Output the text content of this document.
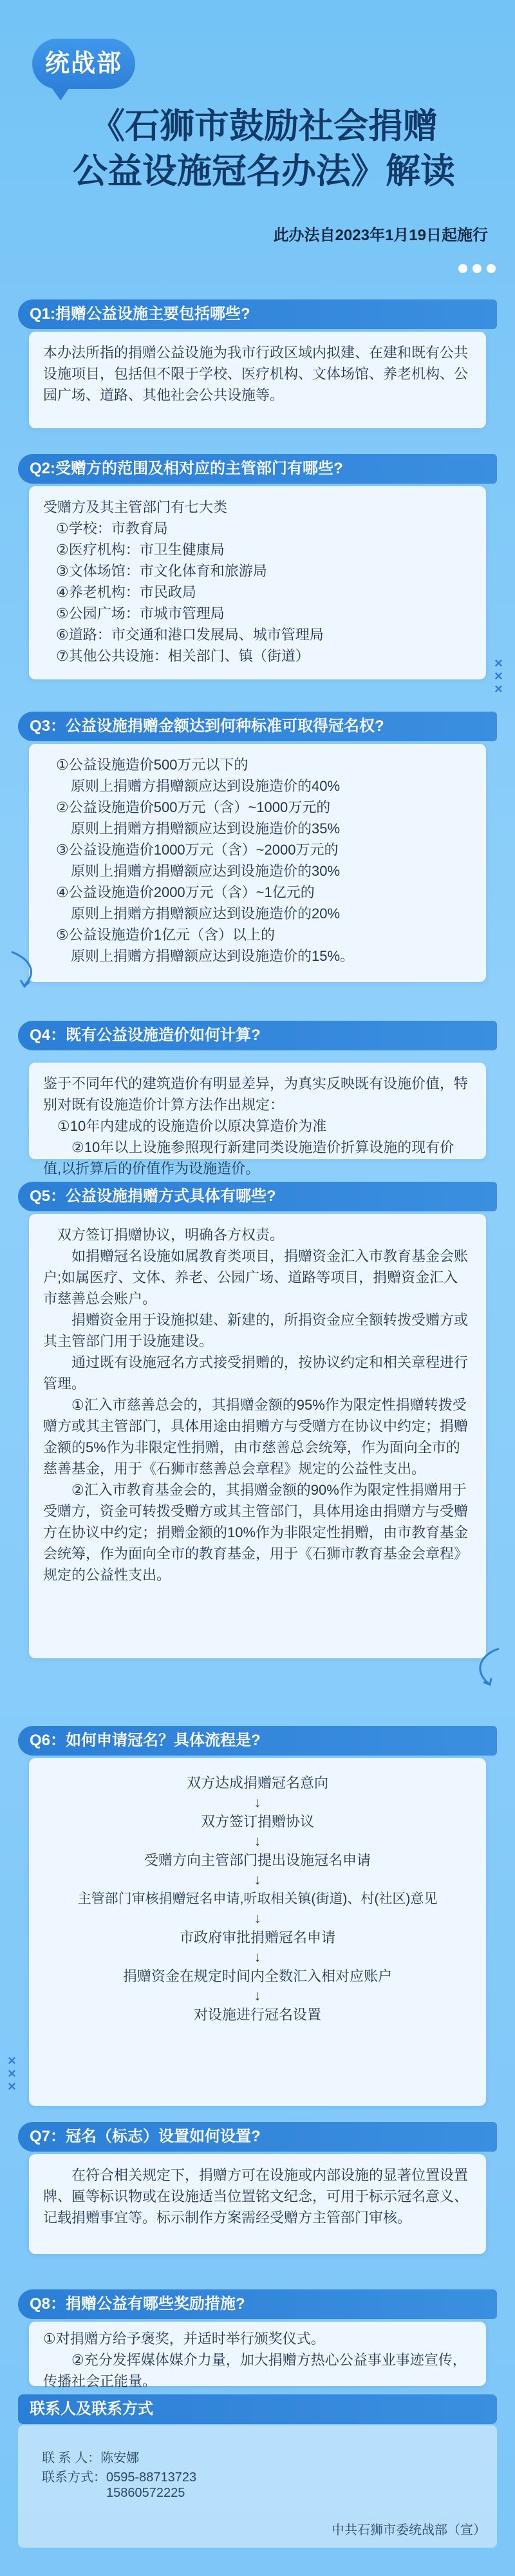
统战部
《石狮市鼓励社会捐赠
公益设施冠名办法》解读
此办法自2023年1月19日起施行
Q1:捐赠公益设施主要包括哪些?

本办法所指的捐赠公益设施为我市行政区域内拟建、在建和既有公共设施项目，包括但不限于学校、医疗机构、文体场馆、养老机构、公园广场、道路、其他社会公共设施等。

Q2:受赠方的范围及相对应的主管部门有哪些?

受赠方及其主管部门有七大类

①学校：市教育局

②医疗机构：市卫生健康局

③文体场馆：市文化体育和旅游局

④养老机构：市民政局

⑤公园广场：市城市管理局

⑥道路：市交通和港口发展局、城市管理局

⑦其他公共设施：相关部门、镇（街道）	×
×
×
Q3：公益设施捐赠金额达到何种标准可取得冠名权?

①公益设施造价500万元以下的

原则上捐赠方捐赠额应达到设施造价的40%

②公益设施造价500万元（含）~1000万元的

原则上捐赠方捐赠额应达到设施造价的35%

③公益设施造价1000万元（含）~2000万元的

原则上捐赠方捐赠额应达到设施造价的30%

④公益设施造价2000万元（含）~1亿元的

原则上捐赠方捐赠额应达到设施造价的20%

⑤公益设施造价1亿元（含）以上的

原则上捐赠方捐赠额应达到设施造价的15%。

Q4：既有公益设施造价如何计算?

鉴于不同年代的建筑造价有明显差异，为真实反映既有设施价值，特别对既有设施造价计算方法作出规定：

①10年内建成的设施造价以原决算造价为准

②10年以上设施参照现行新建同类设施造价折算设施的现有价值,以折算后的价值作为设施造价。

Q5：公益设施捐赠方式具体有哪些?

双方签订捐赠协议，明确各方权责。

如捐赠冠名设施如属教育类项目，捐赠资金汇入市教育基金会账户;如属医疗、文体、养老、公园广场、道路等项目，捐赠资金汇入市慈善总会账户。

捐赠资金用于设施拟建、新建的，所捐资金应全额转拨受赠方或其主管部门用于设施建设。

通过既有设施冠名方式接受捐赠的，按协议约定和相关章程进行管理。

①汇入市慈善总会的，其捐赠金额的95%作为限定性捐赠转拨受赠方或其主管部门，具体用途由捐赠方与受赠方在协议中约定；捐赠金额的5%作为非限定性捐赠，由市慈善总会统筹，作为面向全市的慈善基金，用于《石狮市慈善总会章程》规定的公益性支出。

②汇入市教育基金会的，其捐赠金额的90%作为限定性捐赠用于受赠方，资金可转拨受赠方或其主管部门，具体用途由捐赠方与受赠方在协议中约定；捐赠金额的10%作为非限定性捐赠，由市教育基金会统筹，作为面向全市的教育基金，用于《石狮市教育基金会章程》规定的公益性支出。

Q6：如何申请冠名？具体流程是?

双方达成捐赠冠名意向

↓

双方签订捐赠协议

↓

受赠方向主管部门提出设施冠名申请

↓

主管部门审核捐赠冠名申请,听取相关镇(街道)、村(社区)意见

↓

市政府审批捐赠冠名申请

↓

捐赠资金在规定时间内全数汇入相对应账户

↓

对设施进行冠名设置

×
×
×
Q7：冠名（标志）设置如何设置?

在符合相关规定下，捐赠方可在设施或内部设施的显著位置设置牌、匾等标识物或在设施适当位置铭文纪念，可用于标示冠名意义、记载捐赠事宜等。标示制作方案需经受赠方主管部门审核。

Q8：捐赠公益有哪些奖励措施?

①对捐赠方给予褒奖，并适时举行颁奖仪式。

②充分发挥媒体媒介力量，加大捐赠方热心公益事业事迹宣传，传播社会正能量。

联系人及联系方式
联 系 人：陈安娜
联系方式：0595-88713723
15860572225
中共石狮市委统战部（宣）
